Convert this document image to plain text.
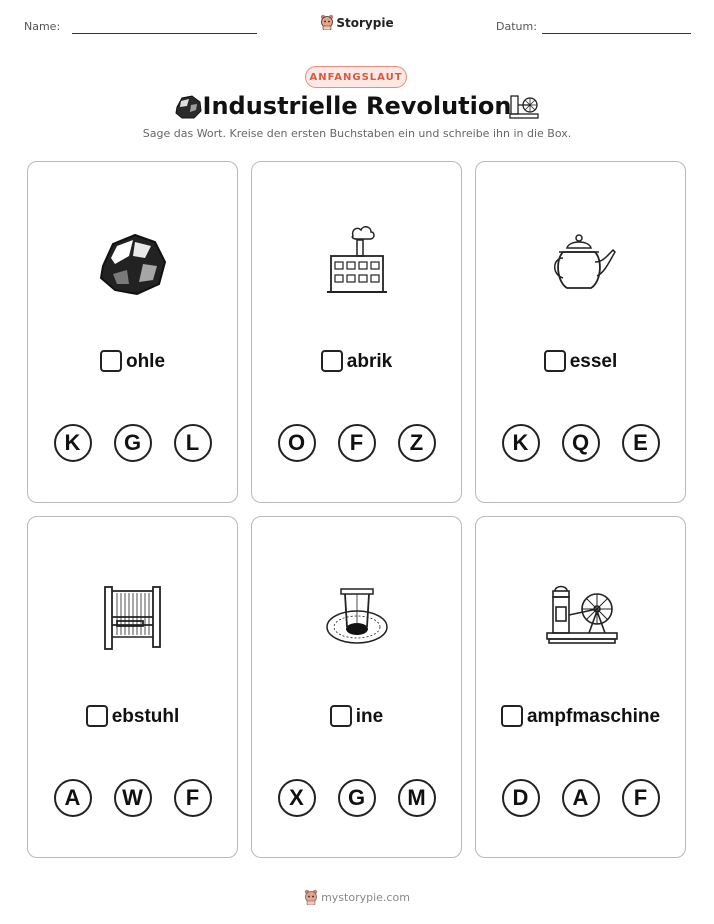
Name:	Storypie	Datum:
ANFANGSLAUT
Industrielle Revolution
Sage das Wort. Kreise den ersten Buchstaben ein und schreibe ihn in die Box.
ohle
K	G	L
abrik
O	F	Z
essel
K	Q	E
ebstuhl
A	W	F
ine
X	G	M
ampfmaschine
D	A	F
mystorypie.com
